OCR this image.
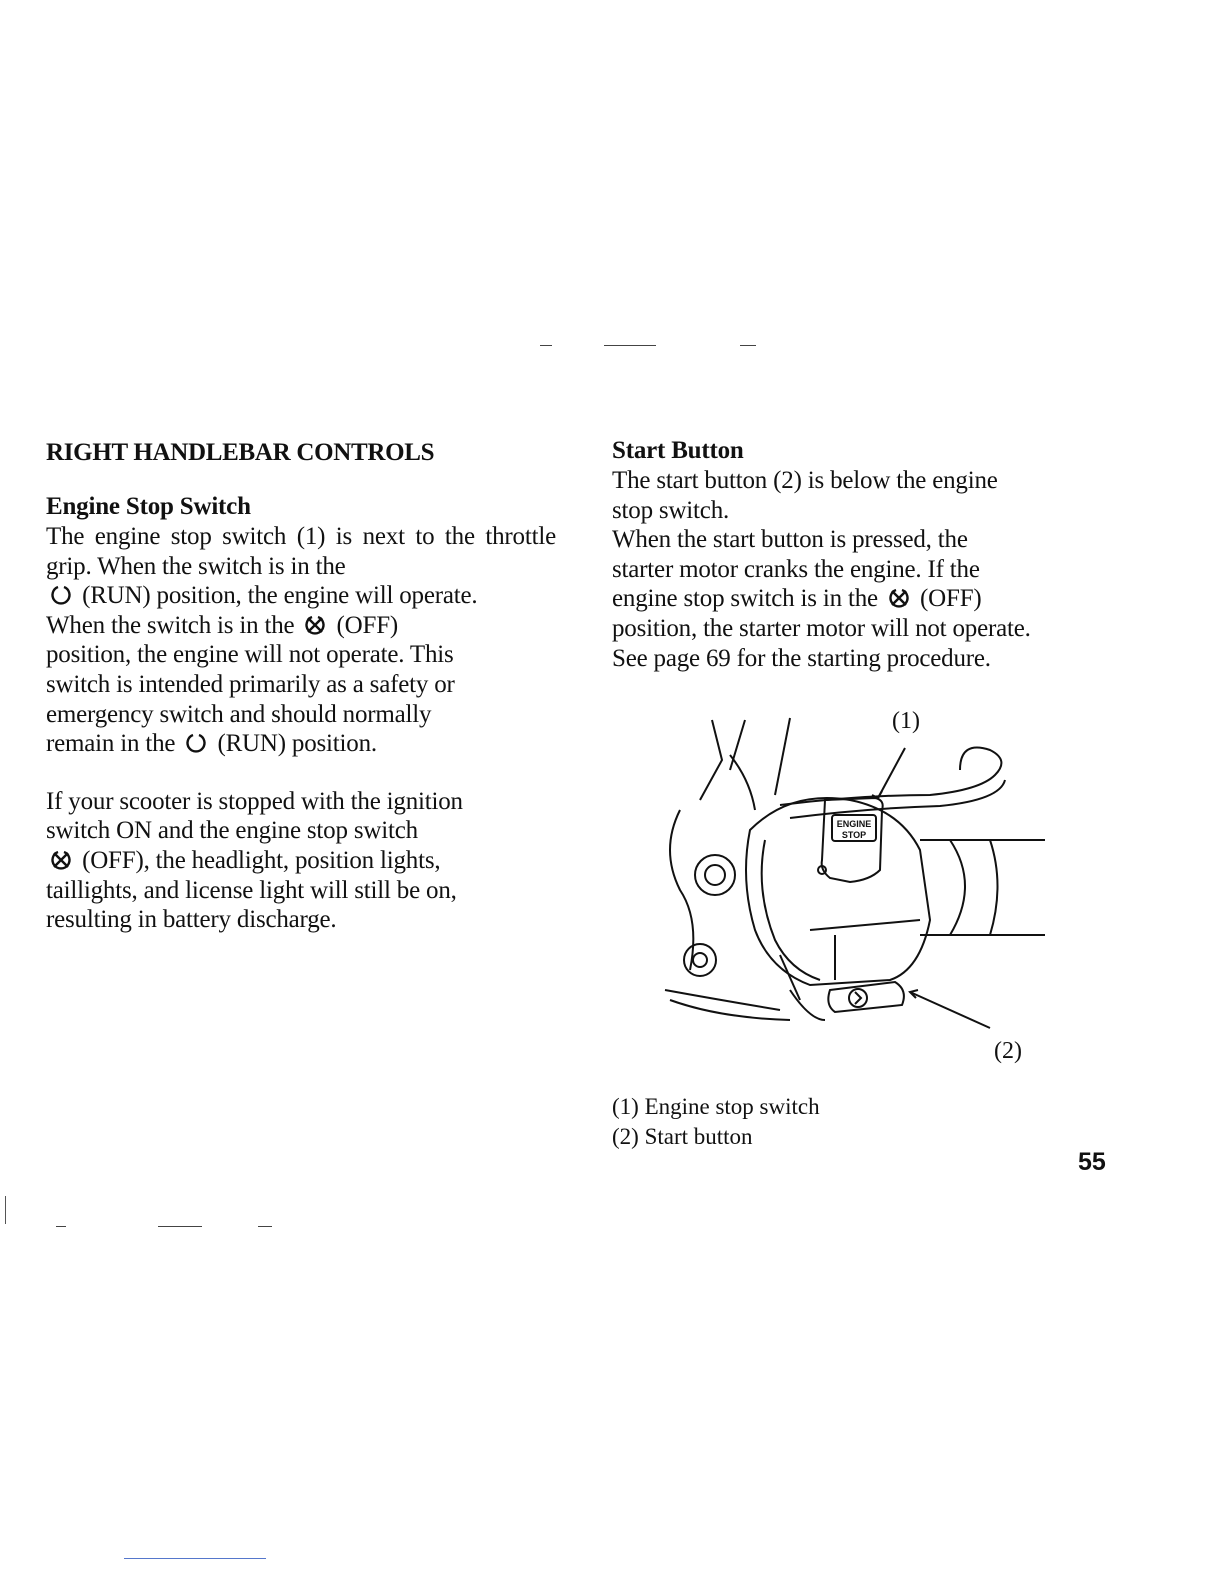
RIGHT HANDLEBAR CONTROLS
Engine Stop Switch

The engine stop switch (1) is next to the throttle grip. When the switch is in the
(RUN) position, the engine will operate.
When the switch is in the (OFF)
position, the engine will not operate. This
switch is intended primarily as a safety or
emergency switch and should normally
remain in the (RUN) position.

If your scooter is stopped with the ignition
switch ON and the engine stop switch
(OFF), the headlight, position lights,
taillights, and license light will still be on,
resulting in battery discharge.

Start Button

The start button (2) is below the engine
stop switch.
When the start button is pressed, the
starter motor cranks the engine. If the
engine stop switch is in the (OFF)
position, the starter motor will not operate.
See page 69 for the starting procedure.

ENGINE
STOP
(1)
(2)
(1) Engine stop switch
(2) Start button
55
